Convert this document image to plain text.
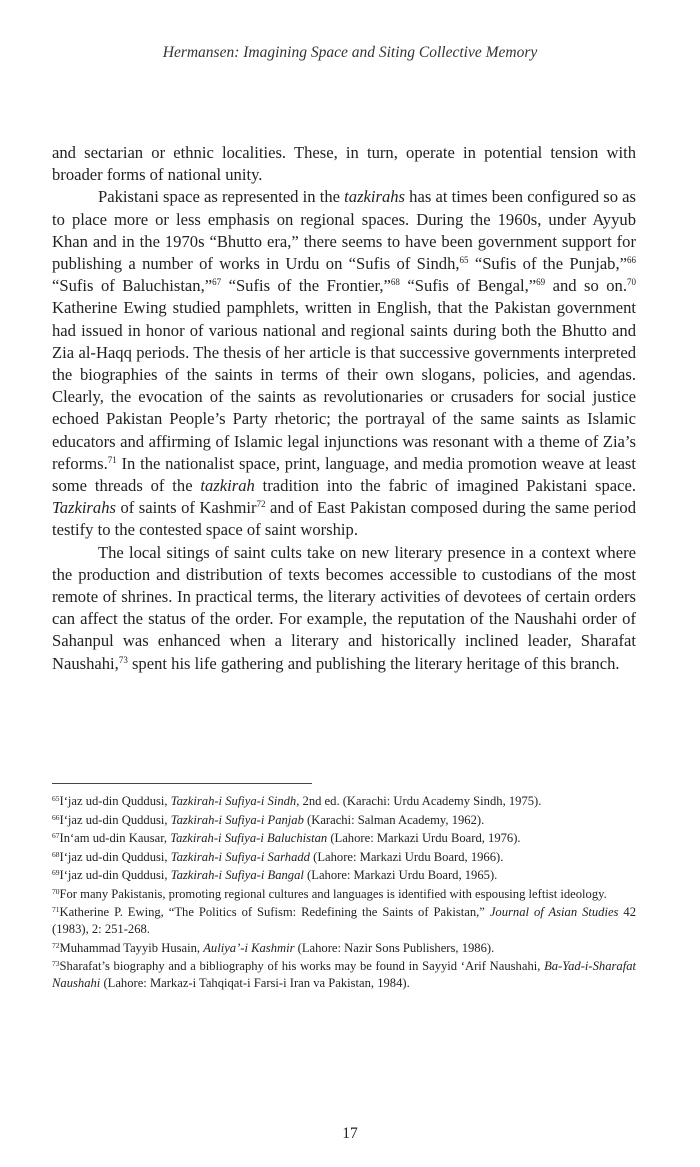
Hermansen: Imagining Space and Siting Collective Memory

and sectarian or ethnic localities. These, in turn, operate in potential tension with broader forms of national unity.

Pakistani space as represented in the tazkirahs has at times been configured so as to place more or less emphasis on regional spaces. During the 1960s, under Ayyub Khan and in the 1970s “Bhutto era,” there seems to have been government support for publishing a number of works in Urdu on “Sufis of Sindh,$^{65}$ “Sufis of the Punjab,”$^{66}$ “Sufis of Baluchistan,”$^{67}$ “Sufis of the Frontier,”$^{68}$ “Sufis of Bengal,”$^{69}$ and so on.$^{70}$ Katherine Ewing studied pamphlets, written in English, that the Pakistan government had issued in honor of various national and regional saints during both the Bhutto and Zia al-Haqq periods. The thesis of her article is that successive governments interpreted the biographies of the saints in terms of their own slogans, policies, and agendas. Clearly, the evocation of the saints as revolutionaries or crusaders for social justice echoed Pakistan People’s Party rhetoric; the portrayal of the same saints as Islamic educators and affirming of Islamic legal injunctions was resonant with a theme of Zia’s reforms.$^{71}$ In the nationalist space, print, language, and media promotion weave at least some threads of the tazkirah tradition into the fabric of imagined Pakistani space. Tazkirahs of saints of Kashmir$^{72}$ and of East Pakistan composed during the same period testify to the contested space of saint worship.

The local sitings of saint cults take on new literary presence in a context where the production and distribution of texts becomes accessible to custodians of the most remote of shrines. In practical terms, the literary activities of devotees of certain orders can affect the status of the order. For example, the reputation of the Naushahi order of Sahanpul was enhanced when a literary and historically inclined leader, Sharafat Naushahi,$^{73}$ spent his life gathering and publishing the literary heritage of this branch.

$^{65}$I‘jaz ud-din Quddusi, Tazkirah-i Sufiya-i Sindh, 2nd ed. (Karachi: Urdu Academy Sindh, 1975).

$^{66}$I‘jaz ud-din Quddusi, Tazkirah-i Sufiya-i Panjab (Karachi: Salman Academy, 1962).

$^{67}$In‘am ud-din Kausar, Tazkirah-i Sufiya-i Baluchistan (Lahore: Markazi Urdu Board, 1976).

$^{68}$I‘jaz ud-din Quddusi, Tazkirah-i Sufiya-i Sarhadd (Lahore: Markazi Urdu Board, 1966).

$^{69}$I‘jaz ud-din Quddusi, Tazkirah-i Sufiya-i Bangal (Lahore: Markazi Urdu Board, 1965).

$^{70}$For many Pakistanis, promoting regional cultures and languages is identified with espousing leftist ideology.

$^{71}$Katherine P. Ewing, “The Politics of Sufism: Redefining the Saints of Pakistan,” Journal of Asian Studies 42 (1983), 2: 251-268.

$^{72}$Muhammad Tayyib Husain, Auliya’-i Kashmir (Lahore: Nazir Sons Publishers, 1986).

$^{73}$Sharafat’s biography and a bibliography of his works may be found in Sayyid ‘Arif Naushahi, Ba-Yad-i-Sharafat Naushahi (Lahore: Markaz-i Tahqiqat-i Farsi-i Iran va Pakistan, 1984).

17
